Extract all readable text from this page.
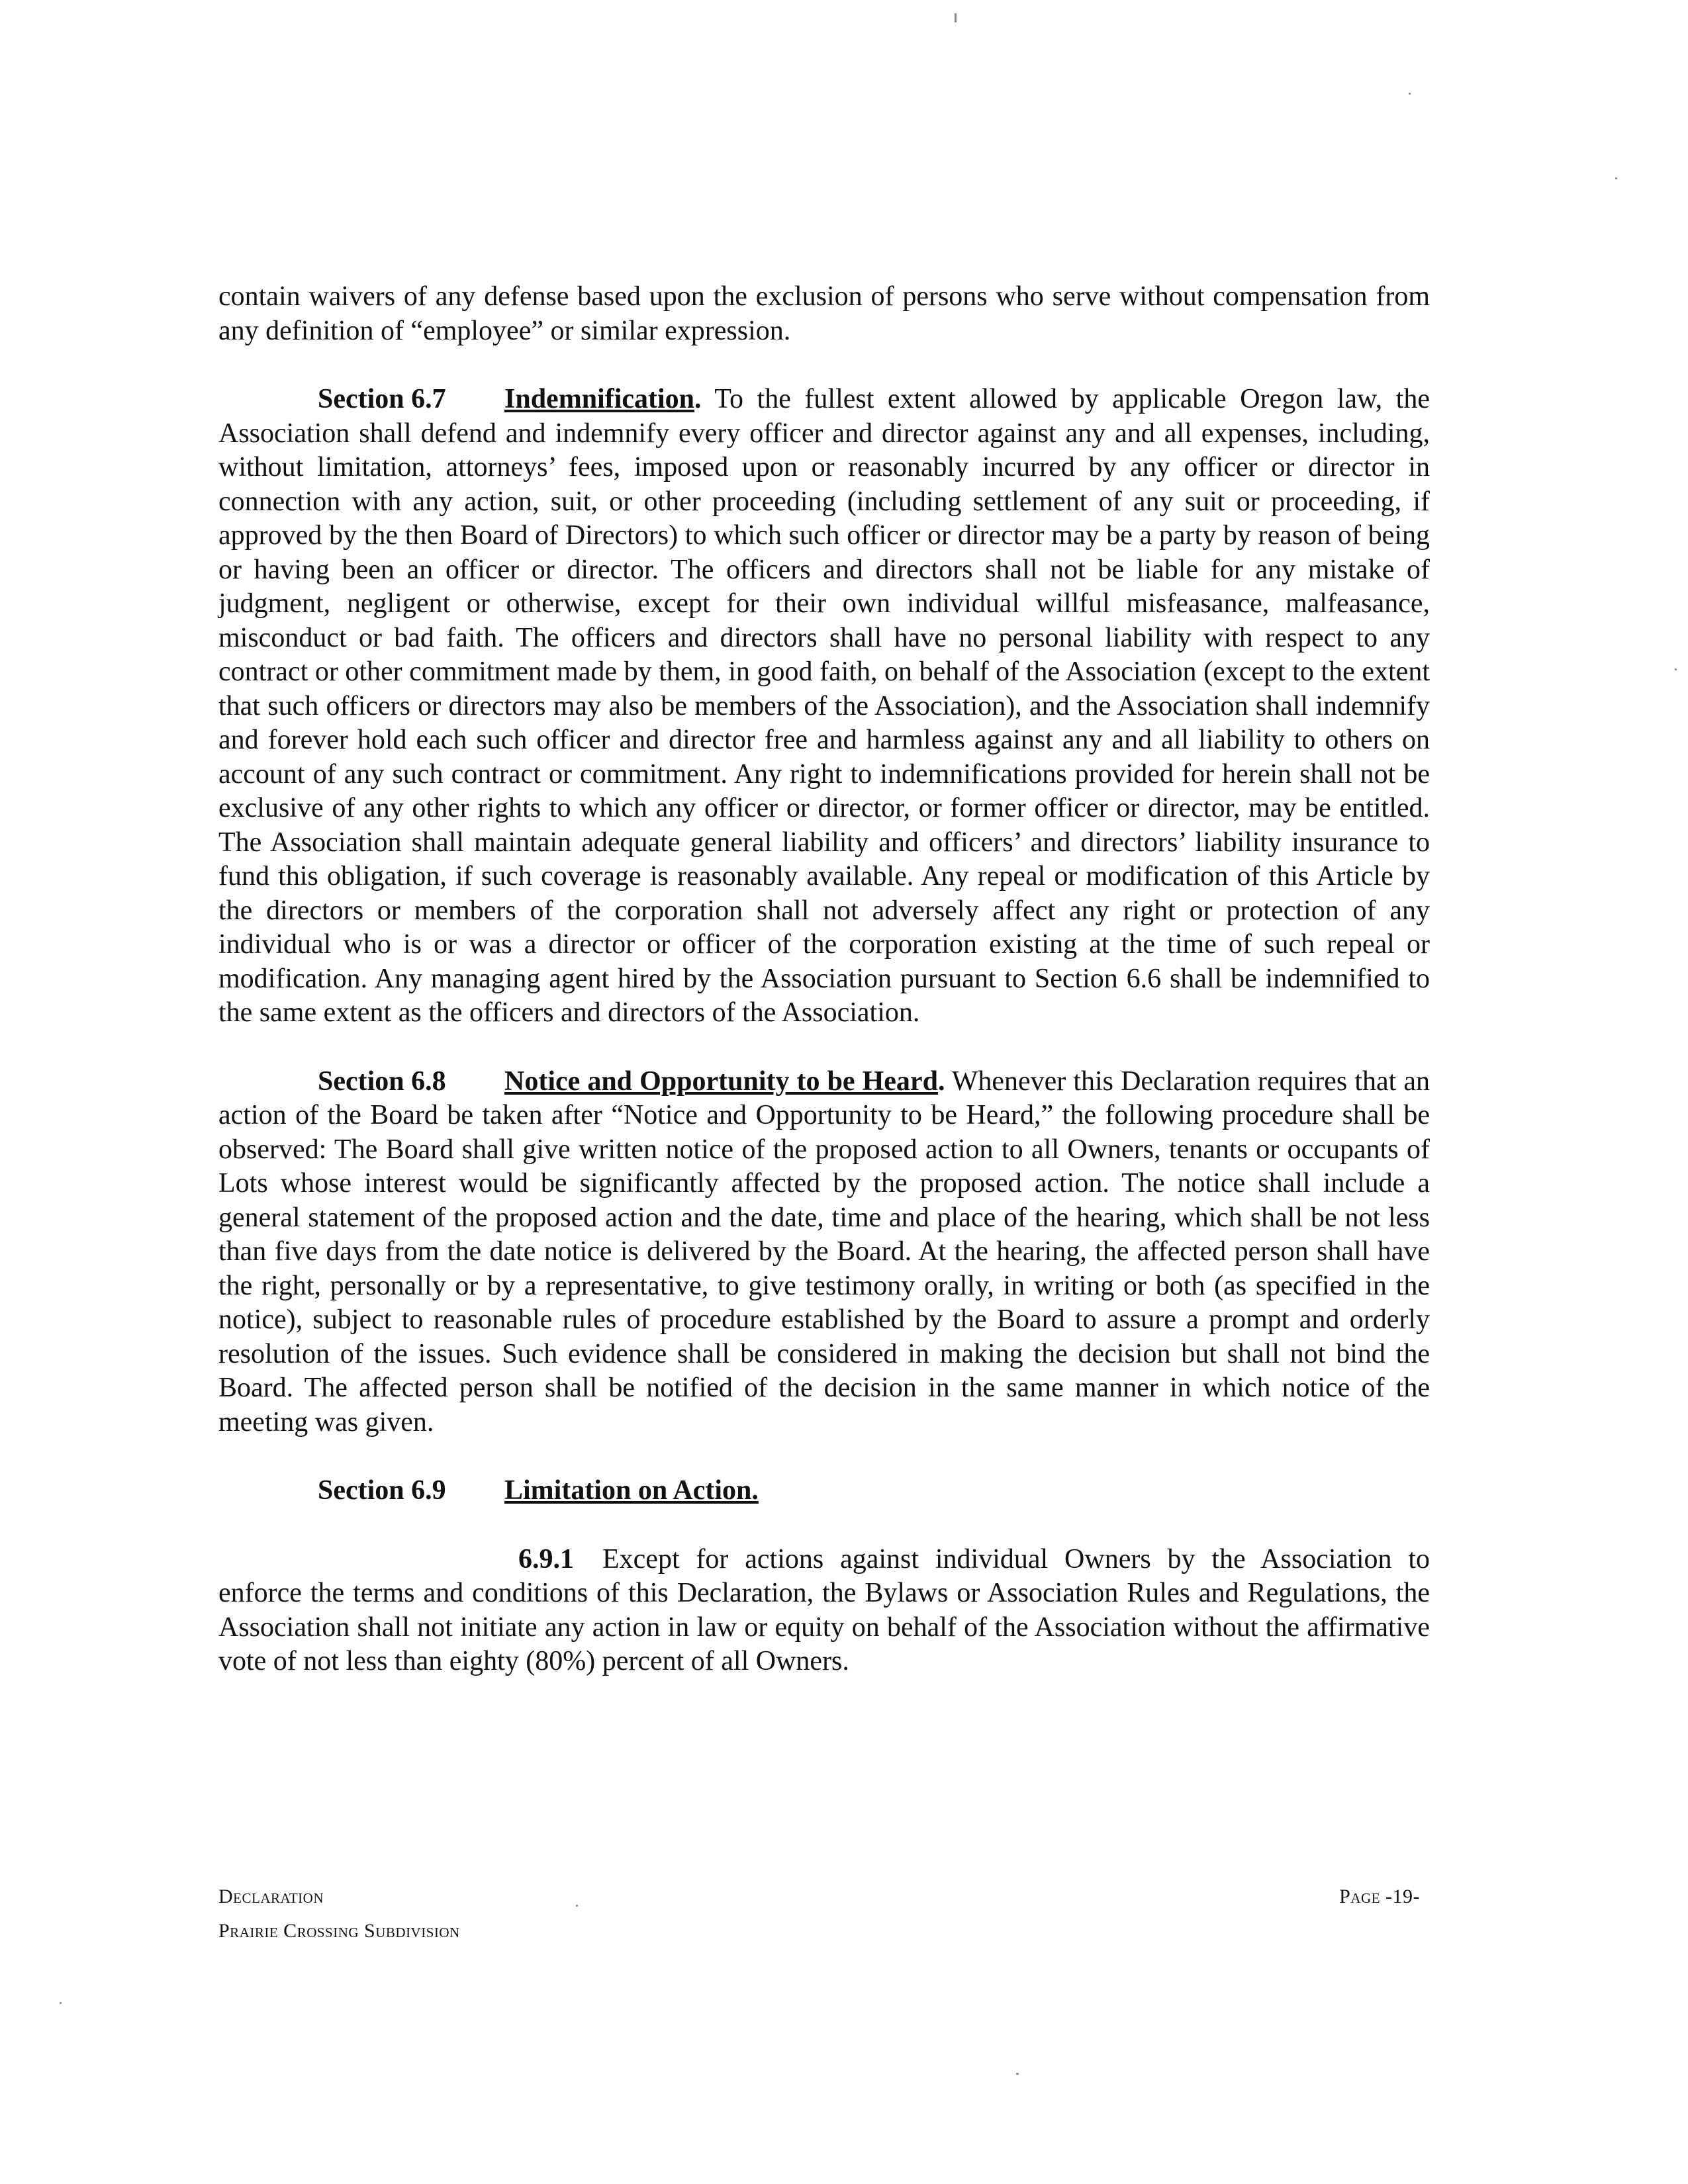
contain waivers of any defense based upon the exclusion of persons who serve without compensation from any definition of “employee” or similar expression.

Section 6.7 Indemnification. To the fullest extent allowed by applicable Oregon law, the Association shall defend and indemnify every officer and director against any and all expenses, including, without limitation, attorneys’ fees, imposed upon or reasonably incurred by any officer or director in connection with any action, suit, or other proceeding (including settlement of any suit or proceeding, if approved by the then Board of Directors) to which such officer or director may be a party by reason of being or having been an officer or director. The officers and directors shall not be liable for any mistake of judgment, negligent or otherwise, except for their own individual willful misfeasance, malfeasance, misconduct or bad faith. The officers and directors shall have no personal liability with respect to any contract or other commitment made by them, in good faith, on behalf of the Association (except to the extent that such officers or directors may also be members of the Association), and the Association shall indemnify and forever hold each such officer and director free and harmless against any and all liability to others on account of any such contract or commitment. Any right to indemnifications provided for herein shall not be exclusive of any other rights to which any officer or director, or former officer or director, may be entitled. The Association shall maintain adequate general liability and officers’ and directors’ liability insurance to fund this obligation, if such coverage is reasonably available. Any repeal or modification of this Article by the directors or members of the corporation shall not adversely affect any right or protection of any individual who is or was a director or officer of the corporation existing at the time of such repeal or modification. Any managing agent hired by the Association pursuant to Section 6.6 shall be indemnified to the same extent as the officers and directors of the Association.

Section 6.8 Notice and Opportunity to be Heard. Whenever this Declaration requires that an action of the Board be taken after “Notice and Opportunity to be Heard,” the following procedure shall be observed: The Board shall give written notice of the proposed action to all Owners, tenants or occupants of Lots whose interest would be significantly affected by the proposed action. The notice shall include a general statement of the proposed action and the date, time and place of the hearing, which shall be not less than five days from the date notice is delivered by the Board. At the hearing, the affected person shall have the right, personally or by a representative, to give testimony orally, in writing or both (as specified in the notice), subject to reasonable rules of procedure established by the Board to assure a prompt and orderly resolution of the issues. Such evidence shall be considered in making the decision but shall not bind the Board. The affected person shall be notified of the decision in the same manner in which notice of the meeting was given.

Section 6.9 Limitation on Action.

6.9.1 Except for actions against individual Owners by the Association to enforce the terms and conditions of this Declaration, the Bylaws or Association Rules and Regulations, the Association shall not initiate any action in law or equity on behalf of the Association without the affirmative vote of not less than eighty (80%) percent of all Owners.

Declaration
Prairie Crossing Subdivision
Page -19-
